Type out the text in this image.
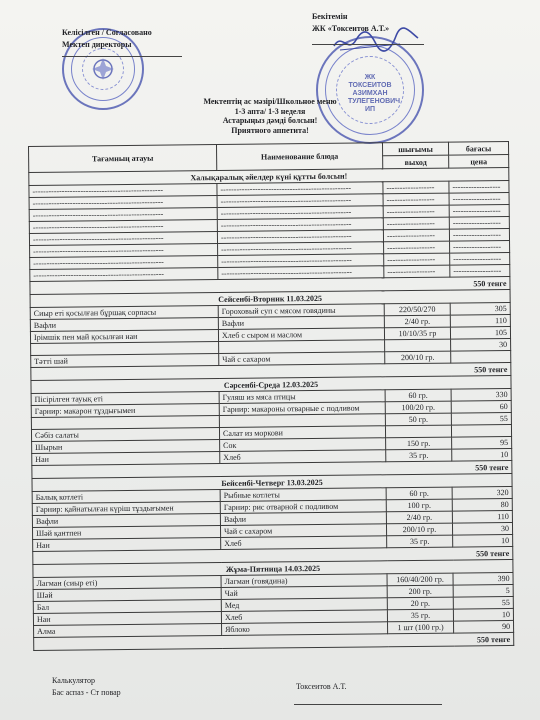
ЖК ТОКСЕИТОВ АЗИМХАН ТУЛЕГЕНОВИЧ ИП
Келісілген / Согласовано
Мектеп директоры
Бекітемін
ЖК «Токсеитов А.Т.»
Мектептің ас мәзірі/Школьное меню
1-3 апта/ 1-3 неделя
Астарыңыз дәмді болсын!
Приятного аппетита!
Тағамның атауы	Наименование блюда	шығымы	бағасы
		выход	цена
Халықаралық әйелдер күні құтты болсын!			
-------------------------------------------------	-------------------------------------------------	------------------	------------------
-------------------------------------------------	-------------------------------------------------	------------------	------------------
-------------------------------------------------	-------------------------------------------------	------------------	------------------
-------------------------------------------------	-------------------------------------------------	------------------	------------------
-------------------------------------------------	-------------------------------------------------	------------------	------------------
-------------------------------------------------	-------------------------------------------------	------------------	------------------
-------------------------------------------------	-------------------------------------------------	------------------	------------------
-------------------------------------------------	-------------------------------------------------	------------------	------------------
550 тенге			
Сейсенбі-Вторник 11.03.2025			
Сиыр еті қосылған бұршақ сорпасы	Гороховый суп с мясом говядины	220/50/270	305
Вафли	Вафли	2/40 гр.	110
Ірімшік пен май қосылған нан	Хлеб с сыром и маслом	10/10/35 гр	105
			30
Тәтті шай	Чай с сахаром	200/10 гр.	
550 тенге			
Сәрсенбі-Среда 12.03.2025			
Пісірілген тауық еті	Гуляш из мяса птицы	60 гр.	330
Гарнир: макарон тұздығымен	Гарнир: макароны отварные с подливом	100/20 гр.	60
		50 гр.	55
Сәбіз салаты	Салат из моркови		
Шырын	Сок	150 гр.	95
Нан	Хлеб	35 гр.	10
550 тенге			
Бейсенбі-Четверг 13.03.2025			
Балық котлеті	Рыбные котлеты	60 гр.	320
Гарнир: қайнатылған күріш тұздығымен	Гарнир: рис отварной с подливом	100 гр.	80
Вафли	Вафли	2/40 гр.	110
Шәй қантпен	Чай с сахаром	200/10 гр.	30
Нан	Хлеб	35 гр.	10
550 тенге			
Жұма-Пятница 14.03.2025			
Лагман (сиыр еті)	Лагман (говядина)	160/40/200 гр.	390
Шәй	Чай	200 гр.	5
Бал	Мед	20 гр.	55
Нан	Хлеб	35 гр.	10
Алма	Яблоко	1 шт (100 гр.)	90
550 тенге			
Калькулятор
Бас аспаз - Ст повар
Токсеитов А.Т.
